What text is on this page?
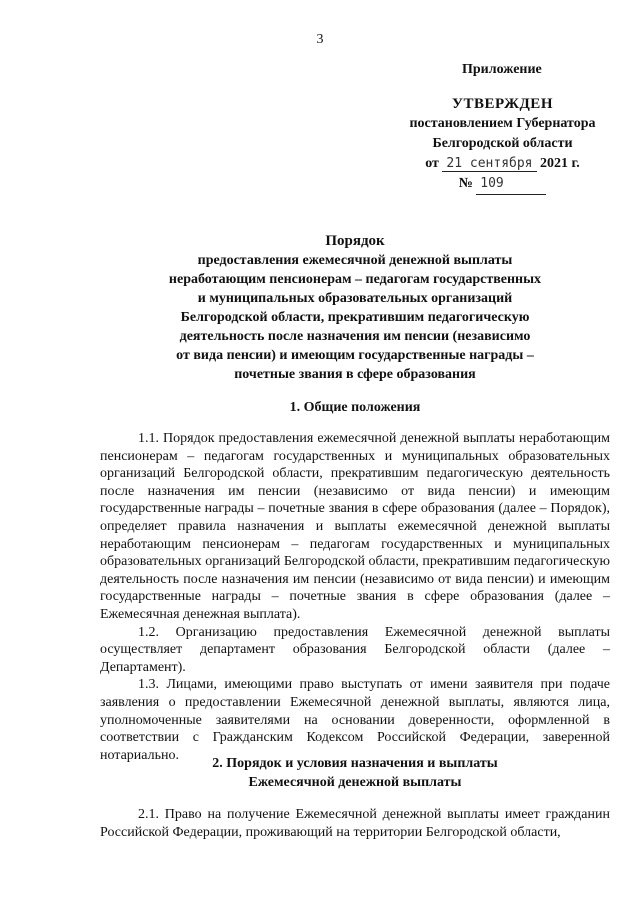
3
Приложение
УТВЕРЖДЕН
постановлением Губернатора
Белгородской области
от 21 сентября 2021 г.
№ 109
Порядок
предоставления ежемесячной денежной выплаты
неработающим пенсионерам – педагогам государственных
и муниципальных образовательных организаций
Белгородской области, прекратившим педагогическую
деятельность после назначения им пенсии (независимо
от вида пенсии) и имеющим государственные награды –
почетные звания в сфере образования
1. Общие положения

1.1. Порядок предоставления ежемесячной денежной выплаты неработающим пенсионерам – педагогам государственных и муниципальных образовательных организаций Белгородской области, прекратившим педагогическую деятельность после назначения им пенсии (независимо от вида пенсии) и имеющим государственные награды – почетные звания в сфере образования (далее – Порядок), определяет правила назначения и выплаты ежемесячной денежной выплаты неработающим пенсионерам – педагогам государственных и муниципальных образовательных организаций Белгородской области, прекратившим педагогическую деятельность после назначения им пенсии (независимо от вида пенсии) и имеющим государственные награды – почетные звания в сфере образования (далее – Ежемесячная денежная выплата).

1.2. Организацию предоставления Ежемесячной денежной выплаты осуществляет департамент образования Белгородской области (далее – Департамент).

1.3. Лицами, имеющими право выступать от имени заявителя при подаче заявления о предоставлении Ежемесячной денежной выплаты, являются лица, уполномоченные заявителями на основании доверенности, оформленной в соответствии с Гражданским Кодексом Российской Федерации, заверенной нотариально.

2. Порядок и условия назначения и выплаты
Ежемесячной денежной выплаты

2.1. Право на получение Ежемесячной денежной выплаты имеет гражданин Российской Федерации, проживающий на территории Белгородской области,
